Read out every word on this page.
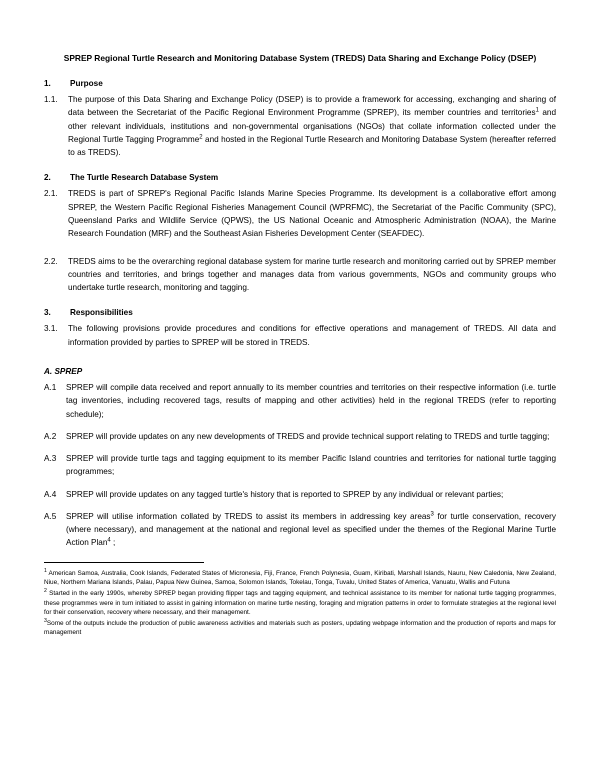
SPREP Regional Turtle Research and Monitoring Database System (TREDS) Data Sharing and Exchange Policy (DSEP)
1.	Purpose
1.1.	The purpose of this Data Sharing and Exchange Policy (DSEP) is to provide a framework for accessing, exchanging and sharing of data between the Secretariat of the Pacific Regional Environment Programme (SPREP), its member countries and territories$^1$ and other relevant individuals, institutions and non-governmental organisations (NGOs) that collate information collected under the Regional Turtle Tagging Programme$^2$ and hosted in the Regional Turtle Research and Monitoring Database System (hereafter referred to as TREDS).
2.	The Turtle Research Database System
2.1.	TREDS is part of SPREP's Regional Pacific Islands Marine Species Programme. Its development is a collaborative effort among SPREP, the Western Pacific Regional Fisheries Management Council (WPRFMC), the Secretariat of the Pacific Community (SPC), Queensland Parks and Wildlife Service (QPWS), the US National Oceanic and Atmospheric Administration (NOAA), the Marine Research Foundation (MRF) and the Southeast Asian Fisheries Development Center (SEAFDEC).
2.2.	TREDS aims to be the overarching regional database system for marine turtle research and monitoring carried out by SPREP member countries and territories, and brings together and manages data from various governments, NGOs and community groups who undertake turtle research, monitoring and tagging.
3.	Responsibilities
3.1.	The following provisions provide procedures and conditions for effective operations and management of TREDS. All data and information provided by parties to SPREP will be stored in TREDS.
A. SPREP
A.1	SPREP will compile data received and report annually to its member countries and territories on their respective information (i.e. turtle tag inventories, including recovered tags, results of mapping and other activities) held in the regional TREDS (refer to reporting schedule);
A.2	SPREP will provide updates on any new developments of TREDS and provide technical support relating to TREDS and turtle tagging;
A.3	SPREP will provide turtle tags and tagging equipment to its member Pacific Island countries and territories for national turtle tagging programmes;
A.4	SPREP will provide updates on any tagged turtle's history that is reported to SPREP by any individual or relevant parties;
A.5	SPREP will utilise information collated by TREDS to assist its members in addressing key areas$^3$ for turtle conservation, recovery (where necessary), and management at the national and regional level as specified under the themes of the Regional Marine Turtle Action Plan$^4$ ;
$^1$ American Samoa, Australia, Cook Islands, Federated States of Micronesia, Fiji, France, French Polynesia, Guam, Kiribati, Marshall Islands, Nauru, New Caledonia, New Zealand, Niue, Northern Mariana Islands, Palau, Papua New Guinea, Samoa, Solomon Islands, Tokelau, Tonga, Tuvalu, United States of America, Vanuatu, Wallis and Futuna
$^2$ Started in the early 1990s, whereby SPREP began providing flipper tags and tagging equipment, and technical assistance to its member for national turtle tagging programmes, these programmes were in turn initiated to assist in gaining information on marine turtle nesting, foraging and migration patterns in order to formulate strategies at the regional level for their conservation, recovery where necessary, and their management.
$^3$Some of the outputs include the production of public awareness activities and materials such as posters, updating webpage information and the production of reports and maps for management
